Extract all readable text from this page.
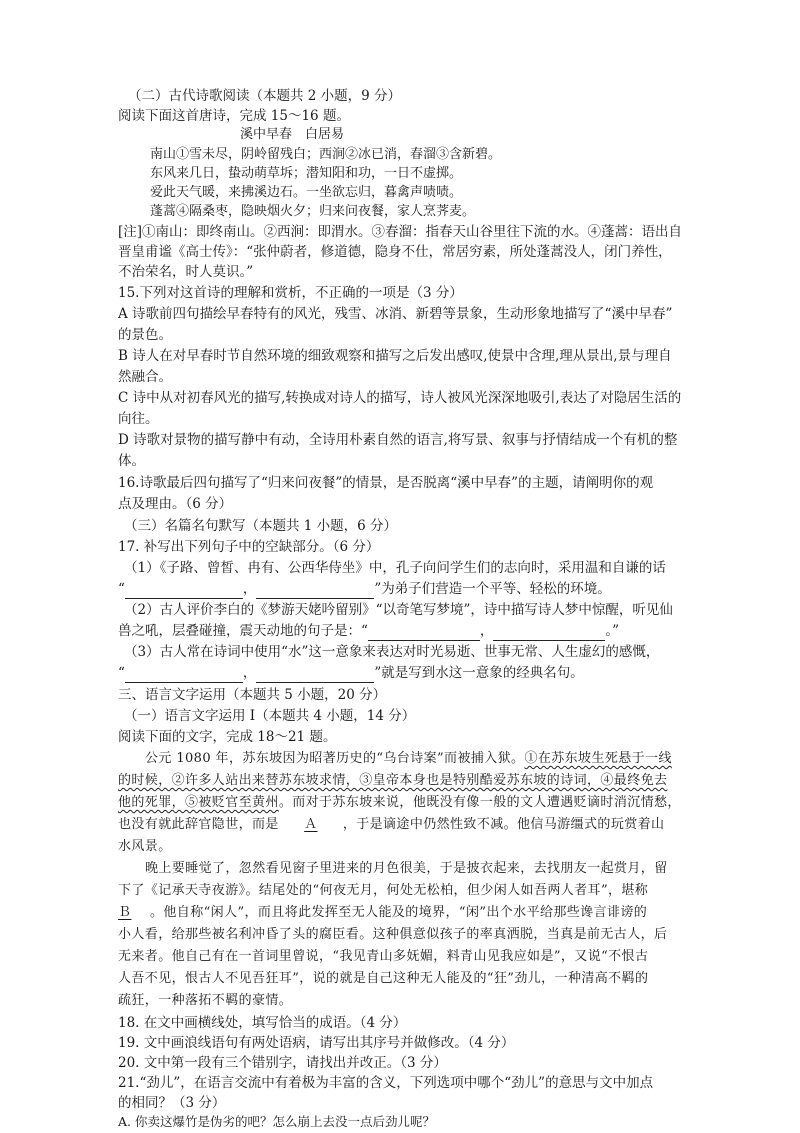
（二）古代诗歌阅读（本题共 2 小题，9 分）
阅读下面这首唐诗，完成 15～16 题。
溪中早春　白居易
南山①雪未尽，阴岭留残白；西涧②冰已消，春溜③含新碧。
东风来几日，蛰动萌草坼；潜知阳和功，一日不虚掷。
爱此天气暖，来拂溪边石。一坐欲忘归，暮禽声啧啧。
蓬蒿④隔桑枣，隐映烟火夕；归来问夜餐，家人烹荠麦。
[注]①南山：即终南山。②西涧：即渭水。③春溜：指春天山谷里往下流的水。④蓬蒿：语出自
晋皇甫谧《高士传》：“张仲蔚者，修道德，隐身不仕，常居穷素，所处蓬蒿没人，闭门养性，
不治荣名，时人莫识。”
15.下列对这首诗的理解和赏析，不正确的一项是（3 分）
A 诗歌前四句描绘早春特有的风光，残雪、冰消、新碧等景象，生动形象地描写了“溪中早春”
的景色。
B 诗人在对早春时节自然环境的细致观察和描写之后发出感叹,使景中含理,理从景出,景与理自
然融合。
C 诗中从对初春风光的描写,转换成对诗人的描写，诗人被风光深深地吸引,表达了对隐居生活的
向往。
D 诗歌对景物的描写静中有动，全诗用朴素自然的语言,将写景、叙事与抒情结成一个有机的整
体。
16.诗歌最后四句描写了“归来问夜餐”的情景，是否脱离“溪中早春”的主题，请阐明你的观
点及理由。（6 分）
（三）名篇名句默写（本题共 1 小题，6 分）
17. 补写出下列句子中的空缺部分。（6 分）
（1）《子路、曾皙、冉有、公西华侍坐》中，孔子向问学生们的志向时，采用温和自谦的话
“	，	”为弟子们营造一个平等、轻松的环境。
（2）古人评价李白的《梦游天姥吟留别》“以奇笔写梦境”，诗中描写诗人梦中惊醒，听见仙
兽之吼，层叠碰撞，震天动地的句子是：“	，	。”
（3）古人常在诗词中使用“水”这一意象来表达对时光易逝、世事无常、人生虚幻的感慨，
“	，	”就是写到水这一意象的经典名句。
三、语言文字运用（本题共 5 小题，20 分）
（一）语言文字运用 I（本题共 4 小题，14 分）
阅读下面的文字，完成 18～21 题。
公元 1080 年，苏东坡因为昭著历史的“乌台诗案”而被捕入狱。①在苏东坡生死悬于一线
的时候，②许多人站出来替苏东坡求情，③皇帝本身也是特别酷爱苏东坡的诗词，④最终免去
他的死罪，⑤被贬官至黄州。而对于苏东坡来说，他既没有像一般的文人遭遇贬谪时消沉情愁，
也没有就此辞官隐世，而是 Ａ ，于是谪途中仍然性致不减。他信马游缰式的玩赏着山
水风景。
晚上要睡觉了，忽然看见窗子里进来的月色很美，于是披衣起来，去找朋友一起赏月，留
下了《记承天寺夜游》。结尾处的“何夜无月，何处无松柏，但少闲人如吾两人者耳”，堪称
Ｂ 。他自称“闲人”，而且将此发挥至无人能及的境界，“闲”出个水平给那些谗言诽谤的
小人看，给那些被名利冲昏了头的腐臣看。这种俱意似孩子的率真洒脱，当真是前无古人，后
无来者。他自己有在一首词里曾说，“我见青山多妩媚，料青山见我应如是”，又说“不恨古
人吾不见，恨古人不见吾狂耳”，说的就是自己这种无人能及的“狂”劲儿，一种清高不羁的
疏狂，一种落拓不羁的豪情。
18. 在文中画横线处，填写恰当的成语。（4 分）
19. 文中画浪线语句有两处语病，请写出其序号并做修改。（4 分）
20. 文中第一段有三个错别字，请找出并改正。（3 分）
21.“劲儿”，在语言交流中有着极为丰富的含义，下列选项中哪个“劲儿”的意思与文中加点
的相同？（3 分）
A. 你卖这爆竹是伪劣的吧？怎么崩上去没一点后劲儿呢？
